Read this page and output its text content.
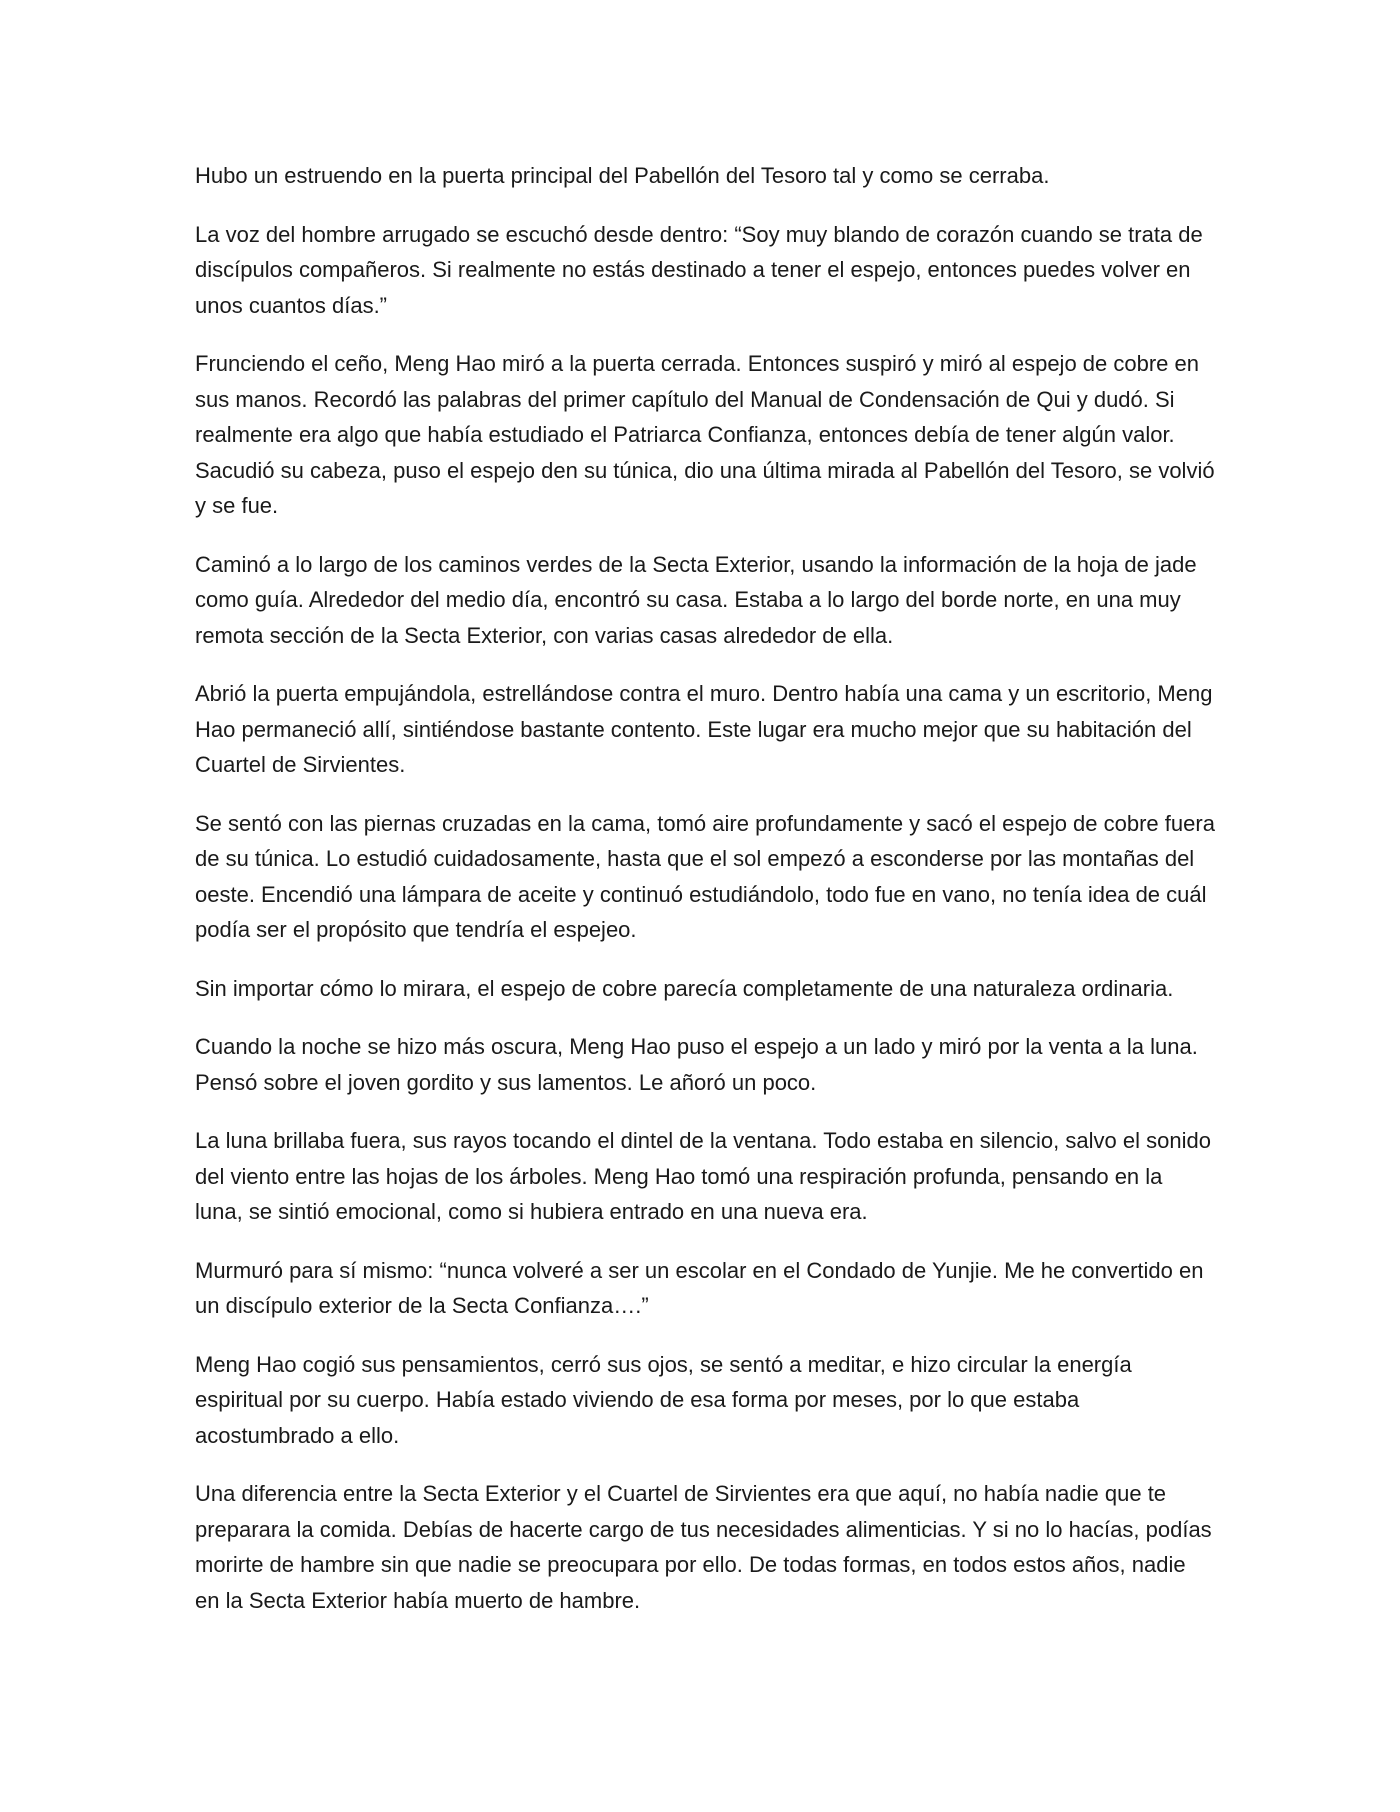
Hubo un estruendo en la puerta principal del Pabellón del Tesoro tal y como se cerraba.

La voz del hombre arrugado se escuchó desde dentro: “Soy muy blando de corazón cuando se trata de discípulos compañeros. Si realmente no estás destinado a tener el espejo, entonces puedes volver en unos cuantos días.”

Frunciendo el ceño, Meng Hao miró a la puerta cerrada. Entonces suspiró y miró al espejo de cobre en sus manos. Recordó las palabras del primer capítulo del Manual de Condensación de Qui y dudó. Si realmente era algo que había estudiado el Patriarca Confianza, entonces debía de tener algún valor. Sacudió su cabeza, puso el espejo den su túnica, dio una última mirada al Pabellón del Tesoro, se volvió y se fue.

Caminó a lo largo de los caminos verdes de la Secta Exterior, usando la información de la hoja de jade como guía. Alrededor del medio día, encontró su casa. Estaba a lo largo del borde norte, en una muy remota sección de la Secta Exterior, con varias casas alrededor de ella.

Abrió la puerta empujándola, estrellándose contra el muro. Dentro había una cama y un escritorio, Meng Hao permaneció allí, sintiéndose bastante contento. Este lugar era mucho mejor que su habitación del Cuartel de Sirvientes.

Se sentó con las piernas cruzadas en la cama, tomó aire profundamente y sacó el espejo de cobre fuera de su túnica. Lo estudió cuidadosamente, hasta que el sol empezó a esconderse por las montañas del oeste. Encendió una lámpara de aceite y continuó estudiándolo, todo fue en vano, no tenía idea de cuál podía ser el propósito que tendría el espejeo.

Sin importar cómo lo mirara, el espejo de cobre parecía completamente de una naturaleza ordinaria.

Cuando la noche se hizo más oscura, Meng Hao puso el espejo a un lado y miró por la venta a la luna. Pensó sobre el joven gordito y sus lamentos. Le añoró un poco.

La luna brillaba fuera, sus rayos tocando el dintel de la ventana. Todo estaba en silencio, salvo el sonido del viento entre las hojas de los árboles. Meng Hao tomó una respiración profunda, pensando en la luna, se sintió emocional, como si hubiera entrado en una nueva era.

Murmuró para sí mismo: “nunca volveré a ser un escolar en el Condado de Yunjie. Me he convertido en un discípulo exterior de la Secta Confianza….”

Meng Hao cogió sus pensamientos, cerró sus ojos, se sentó a meditar, e hizo circular la energía espiritual por su cuerpo. Había estado viviendo de esa forma por meses, por lo que estaba acostumbrado a ello.

Una diferencia entre la Secta Exterior y el Cuartel de Sirvientes era que aquí, no había nadie que te preparara la comida. Debías de hacerte cargo de tus necesidades alimenticias. Y si no lo hacías, podías morirte de hambre sin que nadie se preocupara por ello. De todas formas, en todos estos años, nadie en la Secta Exterior había muerto de hambre.
